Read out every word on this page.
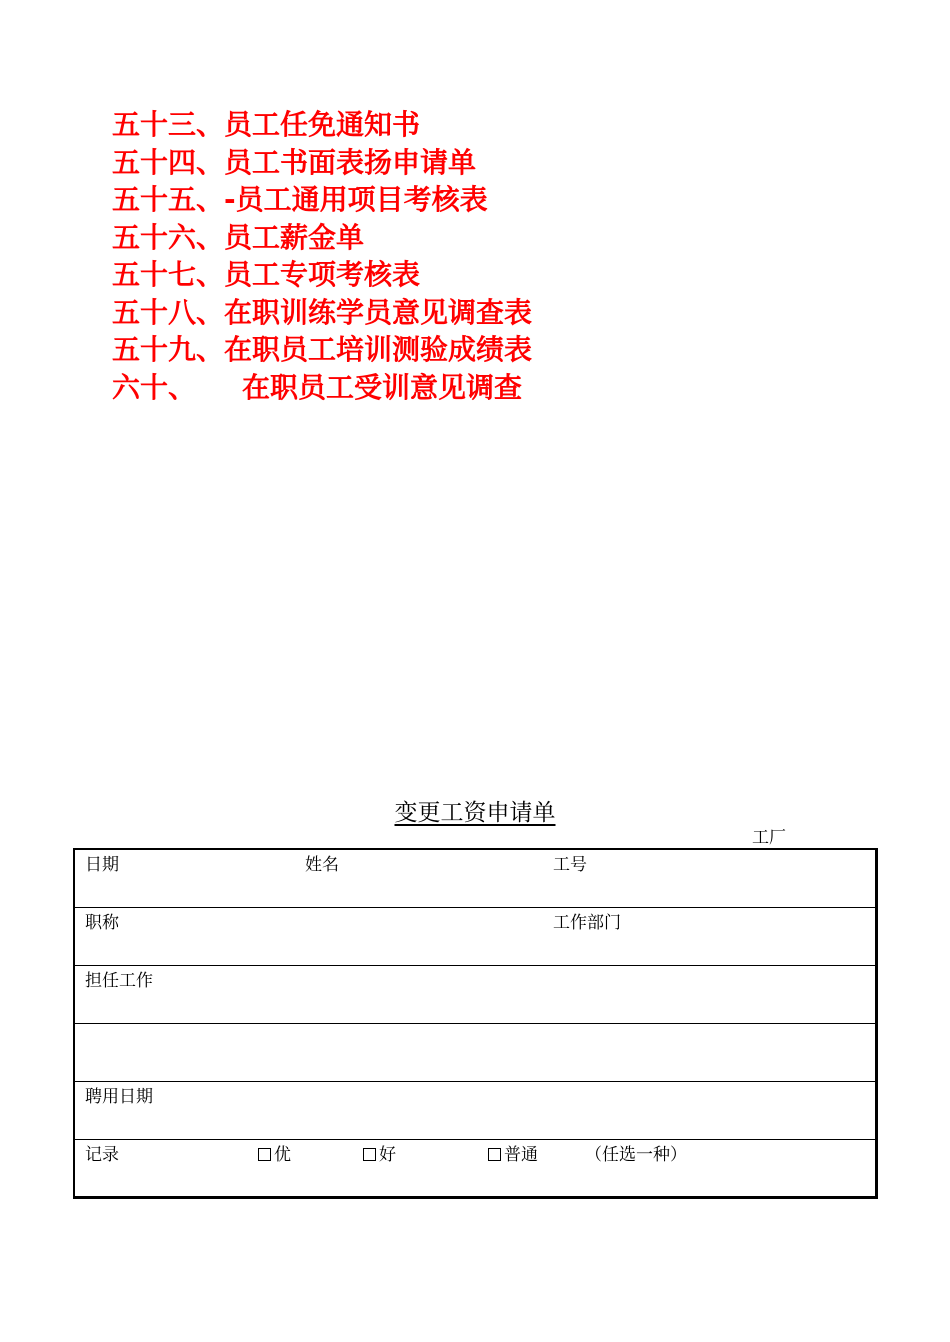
五十三、 员工任免通知书
五十四、 员工书面表扬申请单
五十五、 -员工通用项目考核表
五十六、 员工薪金单
五十七、 员工专项考核表
五十八、 在职训练学员意见调查表
五十九、 在职员工培训测验成绩表
六十、	在职员工受训意见调查
变更工资申请单
工厂
日期	姓名	工号
职称	工作部门
担任工作
聘用日期
记录	优	好	普通	（任选一种）
